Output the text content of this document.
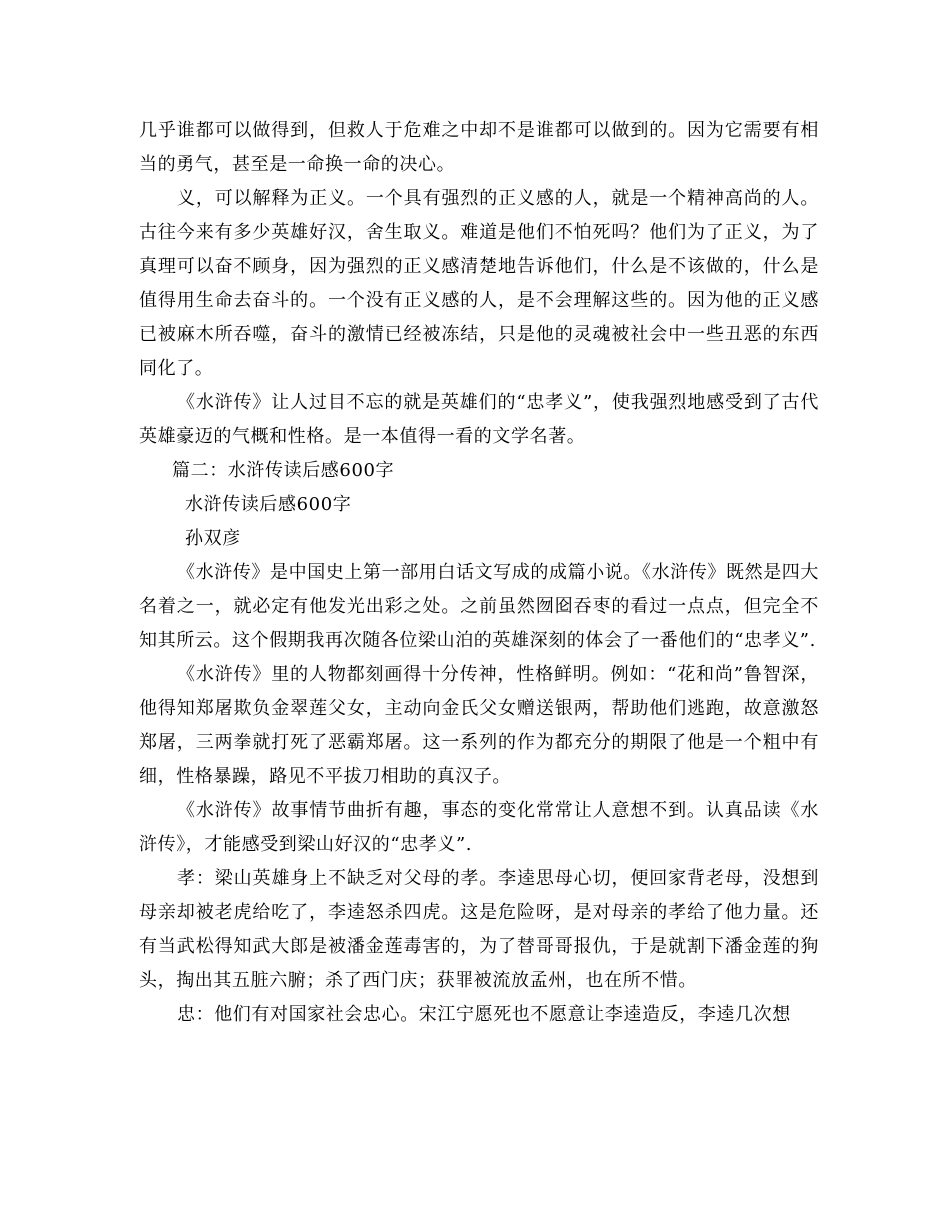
几乎谁都可以做得到，但救人于危难之中却不是谁都可以做到的。因为它需要有相当的勇气，甚至是一命换一命的决心。

义，可以解释为正义。一个具有强烈的正义感的人，就是一个精神高尚的人。古往今来有多少英雄好汉，舍生取义。难道是他们不怕死吗？他们为了正义，为了真理可以奋不顾身，因为强烈的正义感清楚地告诉他们，什么是不该做的，什么是值得用生命去奋斗的。一个没有正义感的人，是不会理解这些的。因为他的正义感已被麻木所吞噬，奋斗的激情已经被冻结，只是他的灵魂被社会中一些丑恶的东西同化了。

《水浒传》让人过目不忘的就是英雄们的“忠孝义”，使我强烈地感受到了古代英雄豪迈的气概和性格。是一本值得一看的文学名著。

篇二：水浒传读后感600字

水浒传读后感600字

孙双彦

《水浒传》是中国史上第一部用白话文写成的成篇小说。《水浒传》既然是四大名着之一，就必定有他发光出彩之处。之前虽然囫囵吞枣的看过一点点，但完全不知其所云。这个假期我再次随各位梁山泊的英雄深刻的体会了一番他们的“忠孝义”.

《水浒传》里的人物都刻画得十分传神，性格鲜明。例如：“花和尚”鲁智深，他得知郑屠欺负金翠莲父女，主动向金氏父女赠送银两，帮助他们逃跑，故意激怒郑屠，三两拳就打死了恶霸郑屠。这一系列的作为都充分的期限了他是一个粗中有细，性格暴躁，路见不平拔刀相助的真汉子。

《水浒传》故事情节曲折有趣，事态的变化常常让人意想不到。认真品读《水浒传》，才能感受到梁山好汉的“忠孝义”.

孝：梁山英雄身上不缺乏对父母的孝。李逵思母心切，便回家背老母，没想到母亲却被老虎给吃了，李逵怒杀四虎。这是危险呀，是对母亲的孝给了他力量。还有当武松得知武大郎是被潘金莲毒害的，为了替哥哥报仇，于是就割下潘金莲的狗头，掏出其五脏六腑；杀了西门庆；获罪被流放孟州，也在所不惜。

忠：他们有对国家社会忠心。宋江宁愿死也不愿意让李逵造反，李逵几次想
